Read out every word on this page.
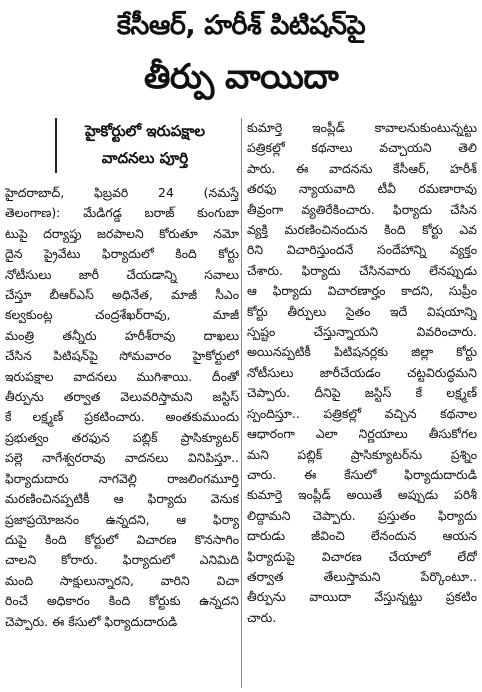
కేసీఆర్, హరీశ్ పిటిషన్‌పై
తీర్పు వాయిదా
హైకోర్టులో ఇరుపక్షాల
వాదనలు పూర్తి
హైదరాబాద్, ఫిబ్రవరి 24 (నమస్తే
తెలంగాణ): మేడిగడ్డ బరాజ్ కుంగుబా
టుపై దర్యాప్తు జరపాలని కోరుతూ నమో
దైన ప్రైవేటు ఫిర్యాదులో కింది కోర్టు
నోటీసులు జారీ చేయడాన్ని సవాలు
చేస్తూ బీఆర్‌ఎస్ అధినేత, మాజీ సీఎం
కల్వకుంట్ల చంద్రశేఖర్‌రావు, మాజీ
మంత్రి తన్నీరు హరీశ్‌రావు దాఖలు
చేసిన పిటిషన్‌పై సోమవారం హైకోర్టులో
ఇరుపక్షాల వాదనలు ముగిశాయి. దీంతో
తీర్పును తర్వాత వెలువరిస్తామని జస్టిస్
కే లక్ష్మణ్ ప్రకటించారు. అంతకుముందు
ప్రభుత్వం తరఫున పబ్లిక్ ప్రాసిక్యూటర్
పల్లె నాగేశ్వరరావు వాదనలు వినిపిస్తూ..
ఫిర్యాదుదారు నాగవెల్లి రాజలింగమూర్తి
మరణించినప్పటికీ ఆ ఫిర్యాదు వెనుక
ప్రజాప్రయోజనం ఉన్నదని, ఆ ఫిర్యా
దుపై కింది కోర్టులో విచారణ కొనసాగిం
చాలని కోరారు. ఫిర్యాదులో ఎనిమిది
మంది సాక్షులున్నారని, వారిని విచా
రించే అధికారం కింది కోర్టుకు ఉన్నదని
చెప్పారు. ఈ కేసులో ఫిర్యాదుదారుడి
కుమార్తె ఇంప్లీడ్ కావాలనుకుంటున్నట్టు
పత్రికల్లో కథనాలు వచ్చాయని తెలి
పారు. ఈ వాదనను కేసీఆర్, హరీశ్
తరఫు న్యాయవాది టీవీ రమణారావు
తీవ్రంగా వ్యతిరేకించారు. ఫిర్యాదు చేసిన
వ్యక్తి మరణించినందున కింది కోర్టు ఎవ
రిని విచారిస్తుందనే సందేహాన్ని వ్యక్తం
చేశారు. ఫిర్యాదు చేసినవారు లేనప్పుడు
ఆ ఫిర్యాదు విచారణార్హం కాదని, సుప్రీం
కోర్టు తీర్పులు సైతం ఇదే విషయాన్ని
స్పష్టం చేస్తున్నాయని వివరించారు.
అయినప్పటికీ పిటిషనర్లకు జిల్లా కోర్టు
నోటీసులు జారీచేయడం చట్టవిరుద్ధమని
చెప్పారు. దీనిపై జస్టిస్ కే లక్ష్మణ్
స్పందిస్తూ.. పత్రికల్లో వచ్చిన కథనాల
ఆధారంగా ఎలా నిర్ణయాలు తీసుకోగల
మని పబ్లిక్ ప్రాసిక్యూటర్‌ను ప్రశ్నిం
చారు. ఈ కేసులో ఫిర్యాదుదారుడి
కుమార్తె ఇంప్లీడ్ అయితే అప్పుడు పరిశీ
లిద్దామని చెప్పారు. ప్రస్తుతం ఫిర్యాదు
దారుడు జీవించి లేనందున ఆయన
ఫిర్యాదుపై విచారణ చేయాలో లేదో
తర్వాత తేలుస్తామని పేర్కొంటూ..
తీర్పును వాయిదా వేస్తున్నట్టు ప్రకటిం
చారు.
